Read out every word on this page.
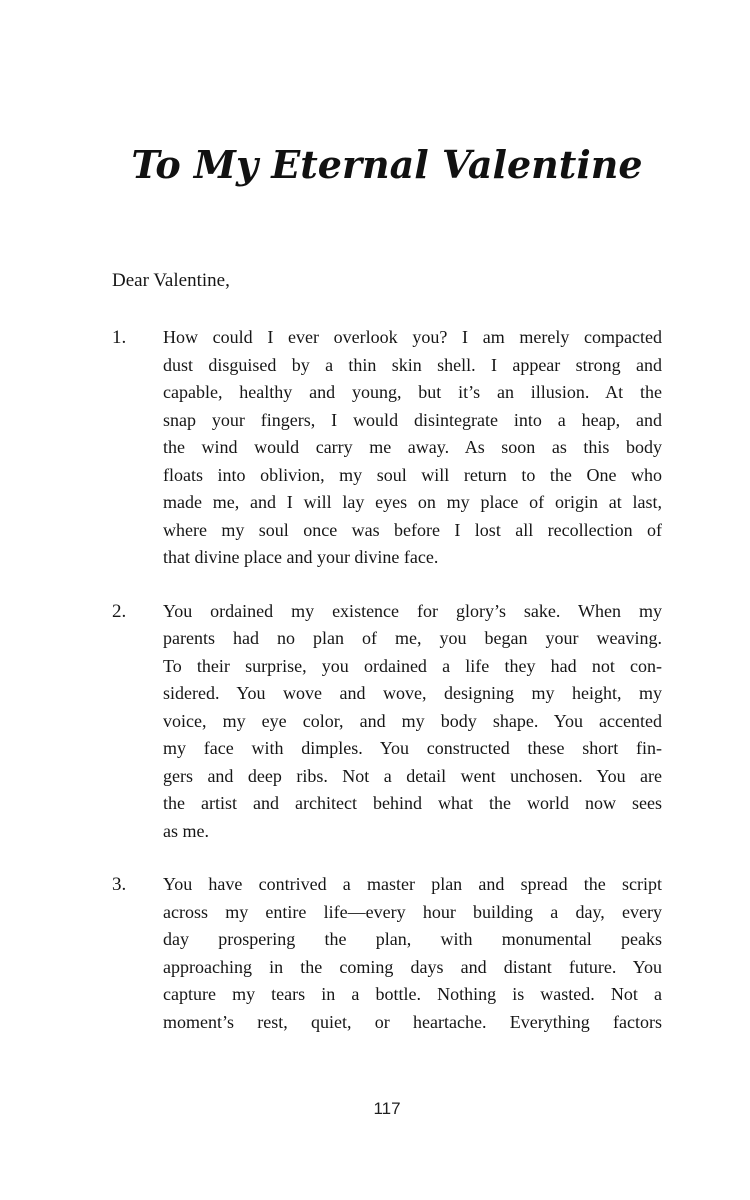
To My Eternal Valentine
Dear Valentine,
1.	How could I ever overlook you? I am merely compacted
dust disguised by a thin skin shell. I appear strong and
capable, healthy and young, but it’s an illusion. At the
snap your fingers, I would disintegrate into a heap, and
the wind would carry me away. As soon as this body
floats into oblivion, my soul will return to the One who
made me, and I will lay eyes on my place of origin at last,
where my soul once was before I lost all recollection of
that divine place and your divine face.
2.	You ordained my existence for glory’s sake. When my
parents had no plan of me, you began your weaving.
To their surprise, you ordained a life they had not con-
sidered. You wove and wove, designing my height, my
voice, my eye color, and my body shape. You accented
my face with dimples. You constructed these short fin-
gers and deep ribs. Not a detail went unchosen. You are
the artist and architect behind what the world now sees
as me.
3.	You have contrived a master plan and spread the script
across my entire life—every hour building a day, every
day prospering the plan, with monumental peaks
approaching in the coming days and distant future. You
capture my tears in a bottle. Nothing is wasted. Not a
moment’s rest, quiet, or heartache. Everything factors
117
